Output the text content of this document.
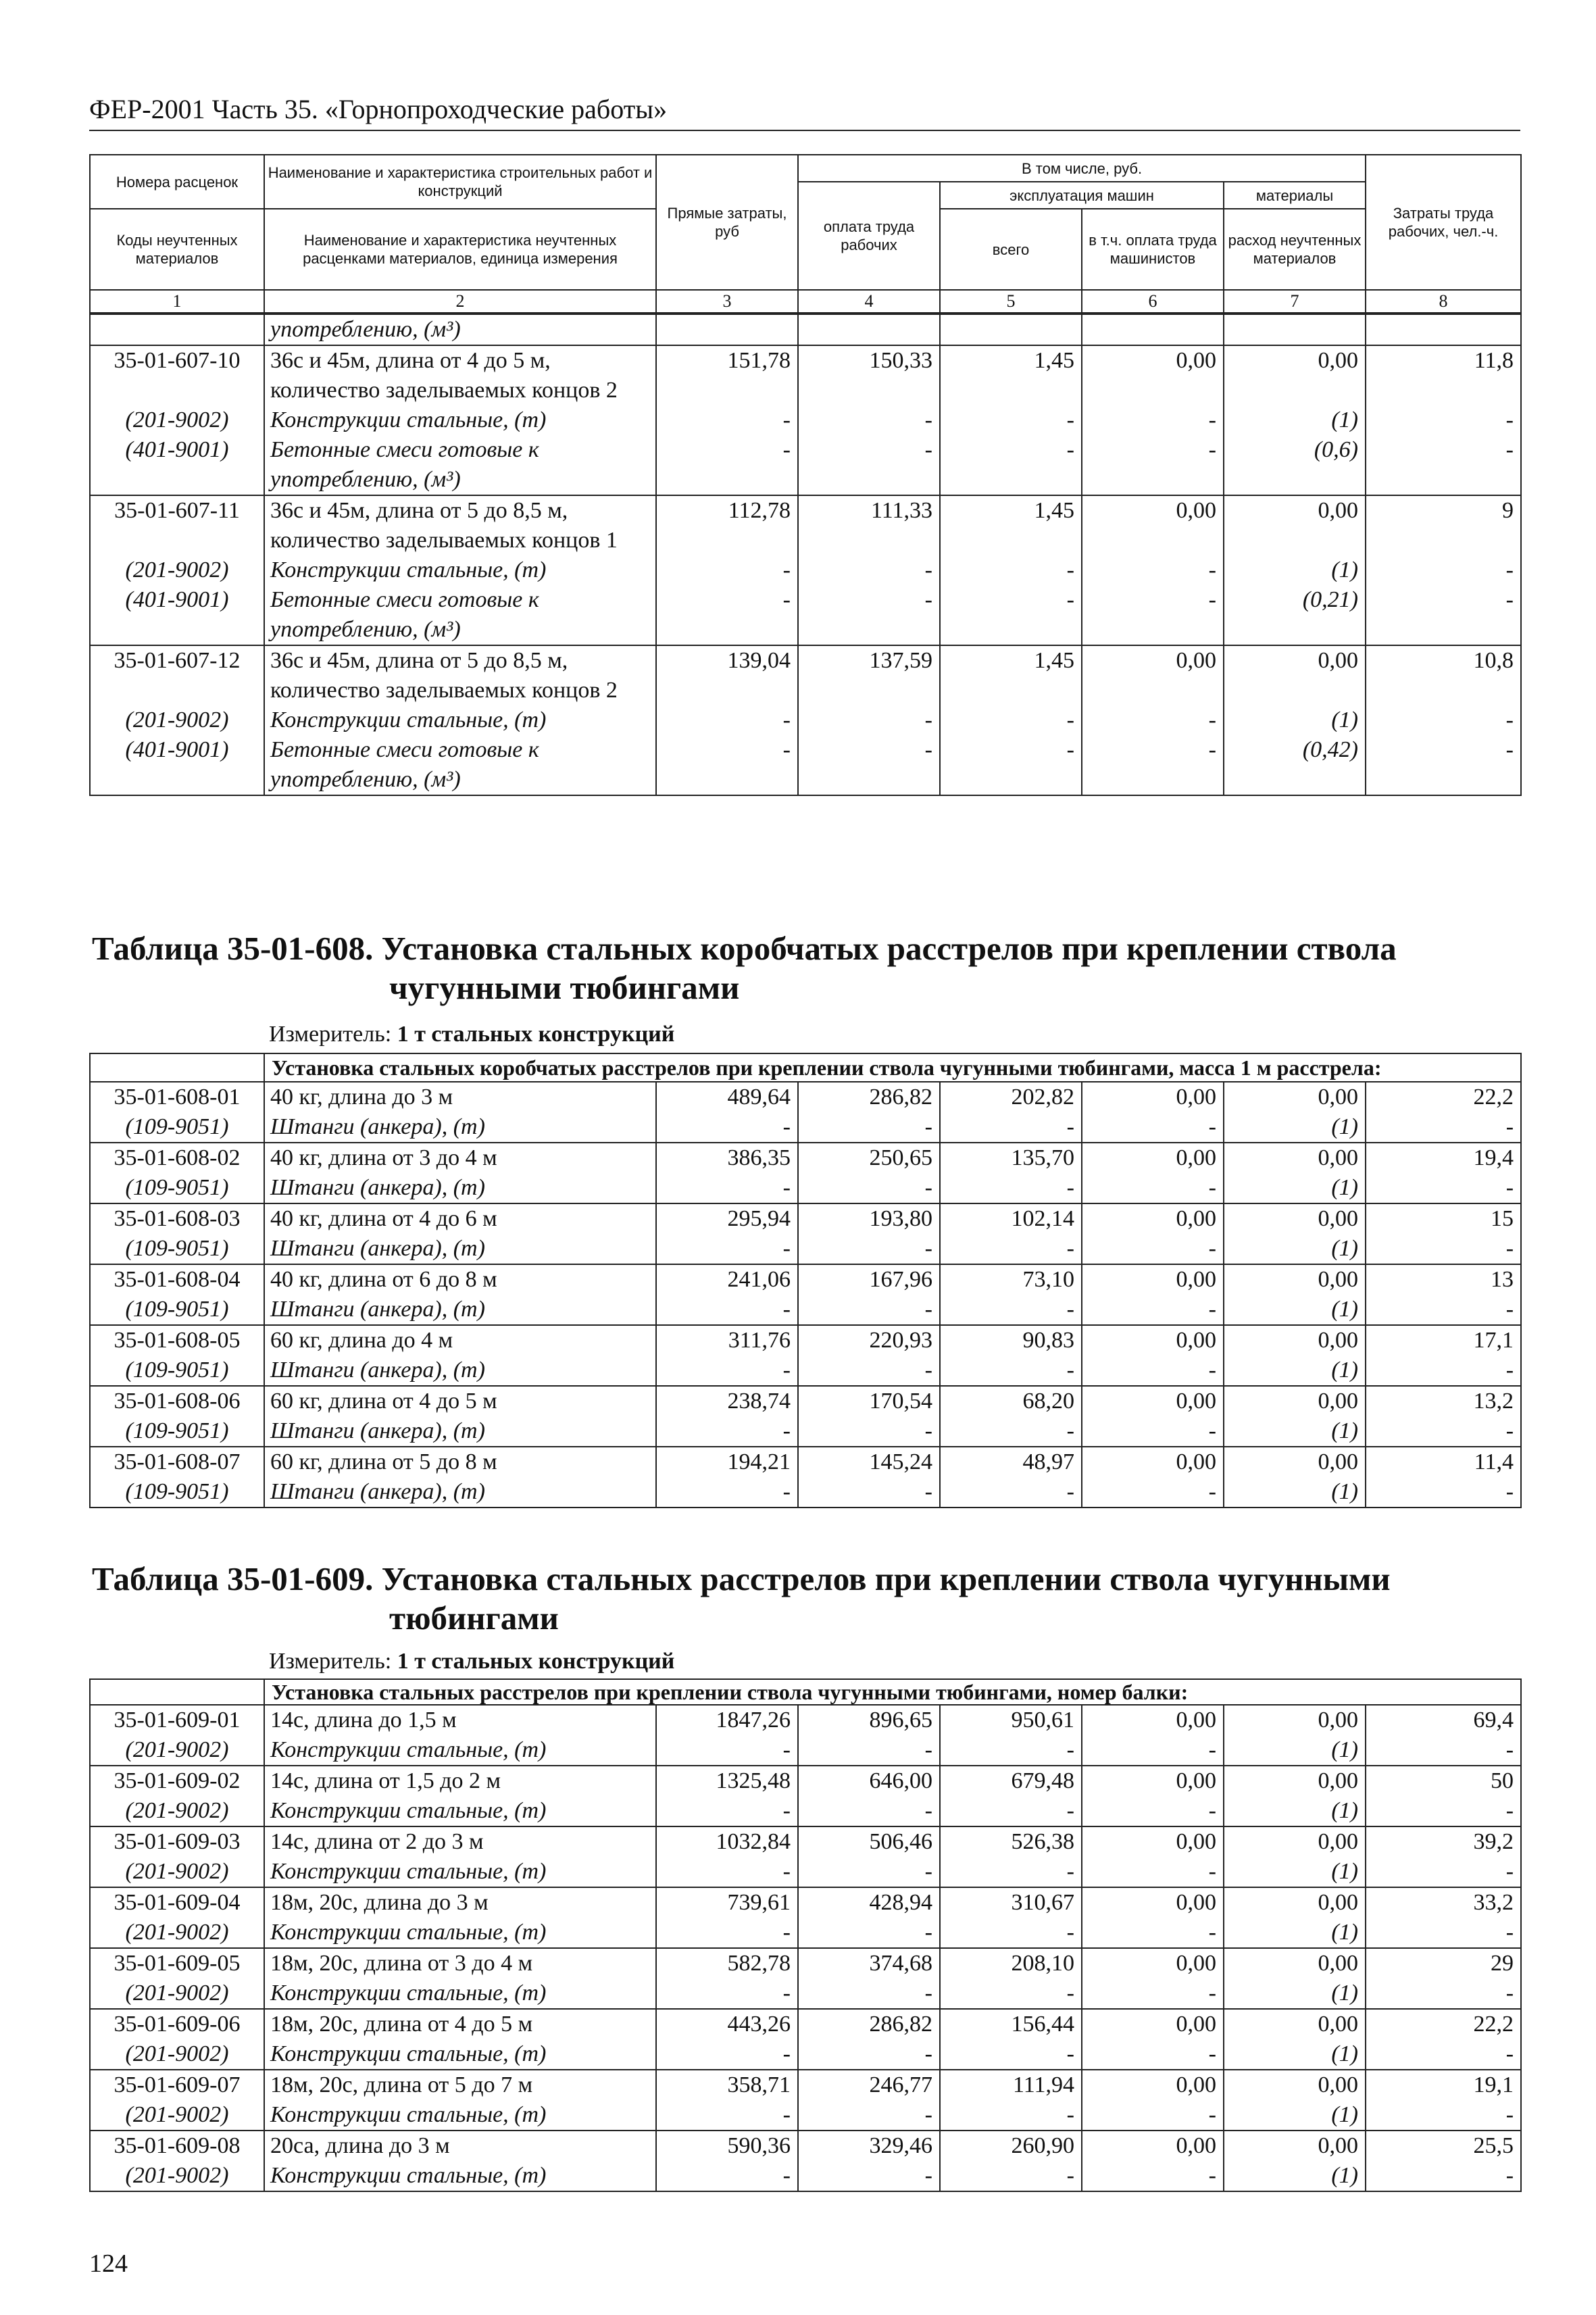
ФЕР-2001 Часть 35. «Горнопроходческие работы»
Номера расценок	Наименование и характеристика строительных работ и конструкций	Прямые затраты, руб	В том числе, руб.				Затраты труда рабочих, чел.-ч.
			оплата труда рабочих	эксплуатация машин		материалы	
Коды неучтенных материалов	Наименование и характеристика неучтенных расценками материалов, единица измерения			всего	в т.ч. оплата труда машинистов	расход неучтенных материалов	

1	2	3	4	5	6	7	8
	употреблению, (м³)						
35-01-607-10	36с и 45м, длина от 4 до 5 м, количество заделываемых концов 2	151,78	150,33	1,45	0,00	0,00	11,8
(201-9002)	Конструкции стальные, (т)	-	-	-	-	(1)	-
(401-9001)	Бетонные смеси готовые к употреблению, (м³)	-	-	-	-	(0,6)	-
35-01-607-11	36с и 45м, длина от 5 до 8,5 м, количество заделываемых концов 1	112,78	111,33	1,45	0,00	0,00	9
(201-9002)	Конструкции стальные, (т)	-	-	-	-	(1)	-
(401-9001)	Бетонные смеси готовые к употреблению, (м³)	-	-	-	-	(0,21)	-
35-01-607-12	36с и 45м, длина от 5 до 8,5 м, количество заделываемых концов 2	139,04	137,59	1,45	0,00	0,00	10,8
(201-9002)	Конструкции стальные, (т)	-	-	-	-	(1)	-
(401-9001)	Бетонные смеси готовые к употреблению, (м³)	-	-	-	-	(0,42)	-
Таблица 35-01-608. Установка стальных коробчатых расстрелов при креплении ствола
чугунными тюбингами
Измеритель: 1 т стальных конструкций
	Установка стальных коробчатых расстрелов при креплении ствола чугунными тюбингами, масса 1 м расстрела:						
35-01-608-01	40 кг, длина до 3 м	489,64	286,82	202,82	0,00	0,00	22,2
(109-9051)	Штанги (анкера), (т)	-	-	-	-	(1)	-
35-01-608-02	40 кг, длина от 3 до 4 м	386,35	250,65	135,70	0,00	0,00	19,4
(109-9051)	Штанги (анкера), (т)	-	-	-	-	(1)	-
35-01-608-03	40 кг, длина от 4 до 6 м	295,94	193,80	102,14	0,00	0,00	15
(109-9051)	Штанги (анкера), (т)	-	-	-	-	(1)	-
35-01-608-04	40 кг, длина от 6 до 8 м	241,06	167,96	73,10	0,00	0,00	13
(109-9051)	Штанги (анкера), (т)	-	-	-	-	(1)	-
35-01-608-05	60 кг, длина до 4 м	311,76	220,93	90,83	0,00	0,00	17,1
(109-9051)	Штанги (анкера), (т)	-	-	-	-	(1)	-
35-01-608-06	60 кг, длина от 4 до 5 м	238,74	170,54	68,20	0,00	0,00	13,2
(109-9051)	Штанги (анкера), (т)	-	-	-	-	(1)	-
35-01-608-07	60 кг, длина от 5 до 8 м	194,21	145,24	48,97	0,00	0,00	11,4
(109-9051)	Штанги (анкера), (т)	-	-	-	-	(1)	-
Таблица 35-01-609. Установка стальных расстрелов при креплении ствола чугунными
тюбингами
Измеритель: 1 т стальных конструкций
	Установка стальных расстрелов при креплении ствола чугунными тюбингами, номер балки:						
35-01-609-01	14с, длина до 1,5 м	1847,26	896,65	950,61	0,00	0,00	69,4
(201-9002)	Конструкции стальные, (т)	-	-	-	-	(1)	-
35-01-609-02	14с, длина от 1,5 до 2 м	1325,48	646,00	679,48	0,00	0,00	50
(201-9002)	Конструкции стальные, (т)	-	-	-	-	(1)	-
35-01-609-03	14с, длина от 2 до 3 м	1032,84	506,46	526,38	0,00	0,00	39,2
(201-9002)	Конструкции стальные, (т)	-	-	-	-	(1)	-
35-01-609-04	18м, 20с, длина до 3 м	739,61	428,94	310,67	0,00	0,00	33,2
(201-9002)	Конструкции стальные, (т)	-	-	-	-	(1)	-
35-01-609-05	18м, 20с, длина от 3 до 4 м	582,78	374,68	208,10	0,00	0,00	29
(201-9002)	Конструкции стальные, (т)	-	-	-	-	(1)	-
35-01-609-06	18м, 20с, длина от 4 до 5 м	443,26	286,82	156,44	0,00	0,00	22,2
(201-9002)	Конструкции стальные, (т)	-	-	-	-	(1)	-
35-01-609-07	18м, 20с, длина от 5 до 7 м	358,71	246,77	111,94	0,00	0,00	19,1
(201-9002)	Конструкции стальные, (т)	-	-	-	-	(1)	-
35-01-609-08	20са, длина до 3 м	590,36	329,46	260,90	0,00	0,00	25,5
(201-9002)	Конструкции стальные, (т)	-	-	-	-	(1)	-
124
